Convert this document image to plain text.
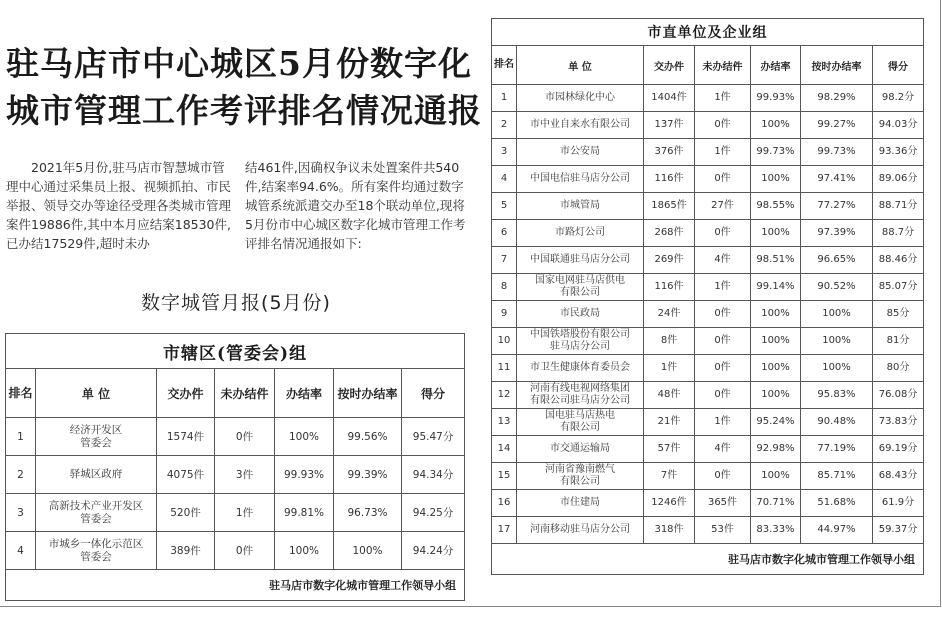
驻马店市中心城区5月份数字化
城市管理工作考评排名情况通报

2021年5月份,驻马店市智慧城市管理中心通过采集员上报、视频抓拍、市民举报、领导交办等途径受理各类城市管理案件19886件,其中本月应结案18530件,已办结17529件,超时未办

结461件,因确权争议未处置案件共540件,结案率94.6%。所有案件均通过数字城管系统派遣交办至18个联动单位,现将5月份市中心城区数字化城市管理工作考评排名情况通报如下:

数字城管月报(5月份)
市辖区(管委会)组						
排名	单 位	交办件	未办结件	办结率	按时办结率	得分
1	经济开发区
管委会	1574件	0件	100%	99.56%	95.47分
2	驿城区政府	4075件	3件	99.93%	99.39%	94.34分
3	高新技术产业开发区
管委会	520件	1件	99.81%	96.73%	94.25分
4	市城乡一体化示范区
管委会	389件	0件	100%	100%	94.24分
驻马店市数字化城市管理工作领导小组						
市直单位及企业组						
排名	单 位	交办件	未办结件	办结率	按时办结率	得分
1	市园林绿化中心	1404件	1件	99.93%	98.29%	98.2分
2	市中业自来水有限公司	137件	0件	100%	99.27%	94.03分
3	市公安局	376件	1件	99.73%	99.73%	93.36分
4	中国电信驻马店分公司	116件	0件	100%	97.41%	89.06分
5	市城管局	1865件	27件	98.55%	77.27%	88.71分
6	市路灯公司	268件	0件	100%	97.39%	88.7分
7	中国联通驻马店分公司	269件	4件	98.51%	96.65%	88.46分
8	国家电网驻马店供电
有限公司	116件	1件	99.14%	90.52%	85.07分
9	市民政局	24件	0件	100%	100%	85分
10	中国铁塔股份有限公司
驻马店分公司	8件	0件	100%	100%	81分
11	市卫生健康体育委员会	1件	0件	100%	100%	80分
12	河南有线电视网络集团
有限公司驻马店分公司	48件	0件	100%	95.83%	76.08分
13	国电驻马店热电
有限公司	21件	1件	95.24%	90.48%	73.83分
14	市交通运输局	57件	4件	92.98%	77.19%	69.19分
15	河南省豫南燃气
有限公司	7件	0件	100%	85.71%	68.43分
16	市住建局	1246件	365件	70.71%	51.68%	61.9分
17	河南移动驻马店分公司	318件	53件	83.33%	44.97%	59.37分
驻马店市数字化城市管理工作领导小组						
